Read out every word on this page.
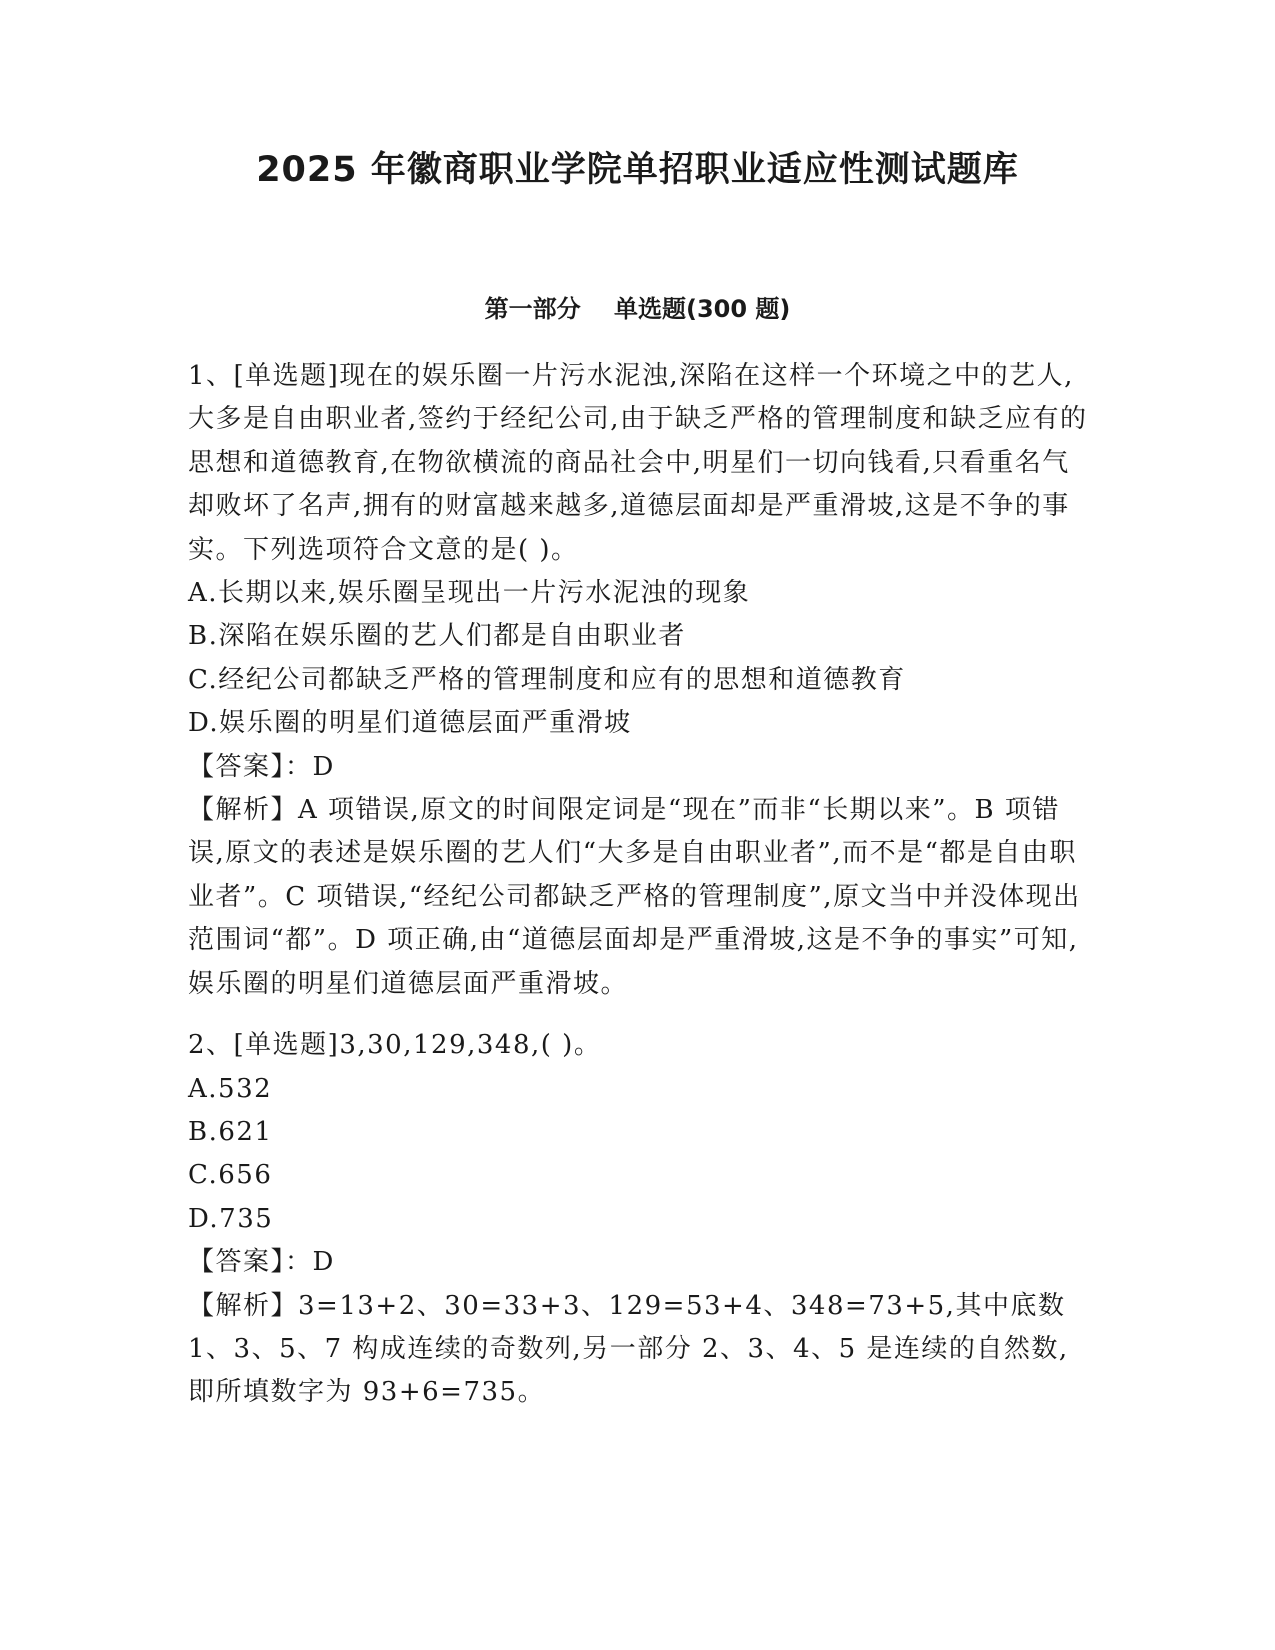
2025 年徽商职业学院单招职业适应性测试题库
第一部分    单选题(300 题)

1、[单选题]现在的娱乐圈一片污水泥浊,深陷在这样一个环境之中的艺人,大多是自由职业者,签约于经纪公司,由于缺乏严格的管理制度和缺乏应有的思想和道德教育,在物欲横流的商品社会中,明星们一切向钱看,只看重名气却败坏了名声,拥有的财富越来越多,道德层面却是严重滑坡,这是不争的事实。下列选项符合文意的是( )。

A.长期以来,娱乐圈呈现出一片污水泥浊的现象

B.深陷在娱乐圈的艺人们都是自由职业者

C.经纪公司都缺乏严格的管理制度和应有的思想和道德教育

D.娱乐圈的明星们道德层面严重滑坡

【答案】：D

【解析】A 项错误,原文的时间限定词是“现在”而非“长期以来”。B 项错误,原文的表述是娱乐圈的艺人们“大多是自由职业者”,而不是“都是自由职业者”。C 项错误,“经纪公司都缺乏严格的管理制度”,原文当中并没体现出范围词“都”。D 项正确,由“道德层面却是严重滑坡,这是不争的事实”可知,娱乐圈的明星们道德层面严重滑坡。

2、[单选题]3,30,129,348,( )。

A.532

B.621

C.656

D.735

【答案】：D

【解析】3=13+2、30=33+3、129=53+4、348=73+5,其中底数 1、3、5、7 构成连续的奇数列,另一部分 2、3、4、5 是连续的自然数,即所填数字为 93+6=735。
